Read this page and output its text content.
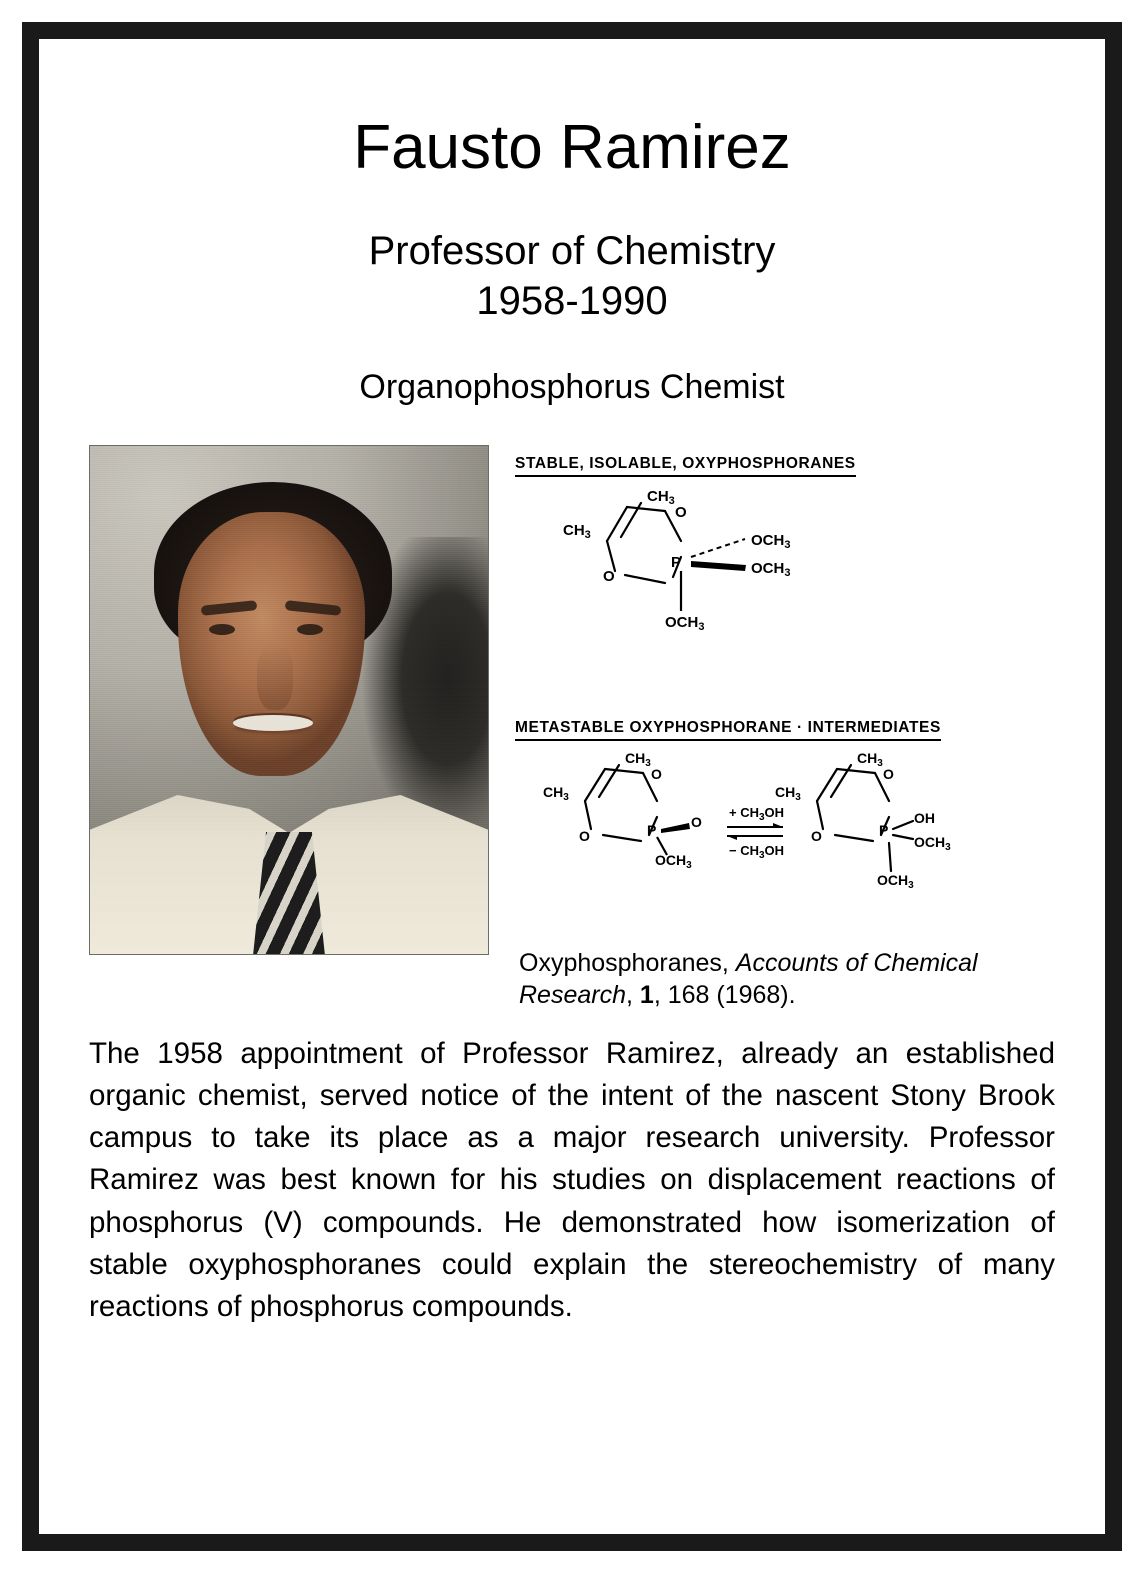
Fausto Ramirez
Professor of Chemistry
1958-1990
Organophosphorus Chemist
STABLE, ISOLABLE, OXYPHOSPHORANES
$CH_3$
$CH_3$
O
O
P
$OCH_3$
$OCH_3$
$OCH_3$
METASTABLE OXYPHOSPHORANE · INTERMEDIATES
$CH_3$
$CH_3$
O
O	P O
$OCH_3$
+ $CH_3OH$
− $CH_3OH$
$CH_3$
$CH_3$
O
O	P
OH
$OCH_3$
$OCH_3$
Oxyphosphoranes, Accounts of Chemical Research, 1, 168 (1968).

The 1958 appointment of Professor Ramirez, already an established organic chemist, served notice of the intent of the nascent Stony Brook campus to take its place as a major research university. Professor Ramirez was best known for his studies on displacement reactions of phosphorus (V) compounds. He demonstrated how isomerization of stable oxyphosphoranes could explain the stereochemistry of many reactions of phosphorus compounds.
